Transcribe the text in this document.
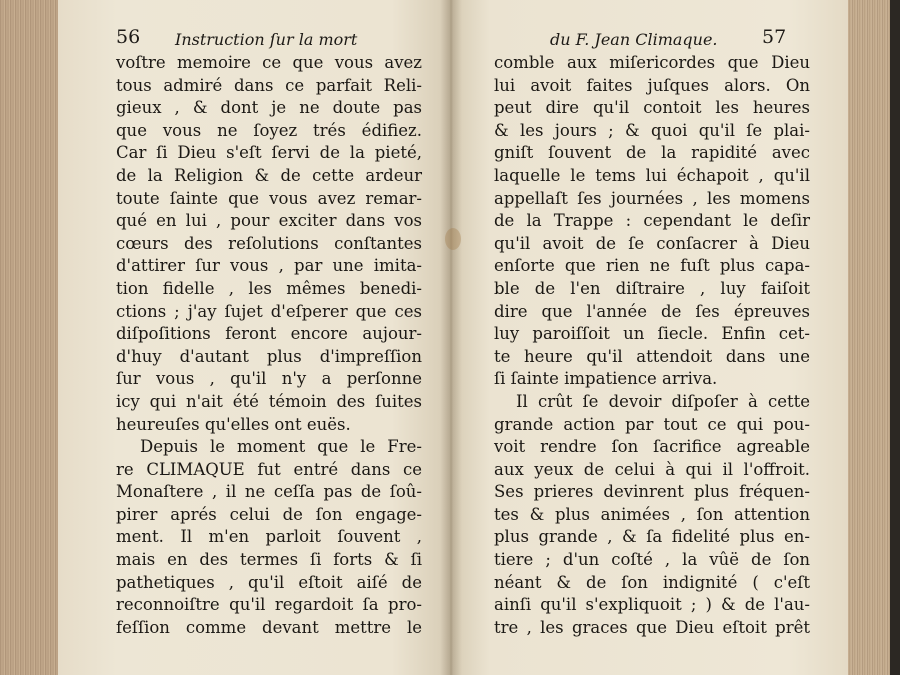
56 Instruction ſur la mort
voſtre memoire ce que vous avez
tous admiré dans ce parfait Reli-
gieux , & dont je ne doute pas
que vous ne ſoyez trés édifiez.
Car ſi Dieu s'eſt ſervi de la pieté,
de la Religion & de cette ardeur
toute ſainte que vous avez remar-
qué en lui , pour exciter dans vos
cœurs des reſolutions conſtantes
d'attirer ſur vous , par une imita-
tion fidelle , les mêmes benedi-
ctions ; j'ay ſujet d'eſperer que ces
diſpoſitions feront encore aujour-
d'huy d'autant plus d'impreſſion
ſur vous , qu'il n'y a perſonne
icy qui n'ait été témoin des ſuites
heureuſes qu'elles ont euës.
Depuis le moment que le Fre-
re CLIMAQUE fut entré dans ce
Monaſtere , il ne ceſſa pas de ſoû-
pirer aprés celui de ſon engage-
ment. Il m'en parloit ſouvent ,
mais en des termes ſi forts & ſi
pathetiques , qu'il eſtoit aiſé de
reconnoiſtre qu'il regardoit ſa pro-
feſſion comme devant mettre le
du F. Jean Climaque. 57
comble aux miſericordes que Dieu
lui avoit faites juſques alors. On
peut dire qu'il contoit les heures
& les jours ; & quoi qu'il ſe plai-
gniſt ſouvent de la rapidité avec
laquelle le tems lui échapoit , qu'il
appellaſt ſes journées , les momens
de la Trappe : cependant le deſir
qu'il avoit de ſe conſacrer à Dieu
enſorte que rien ne fuſt plus capa-
ble de l'en diſtraire , luy faiſoit
dire que l'année de ſes épreuves
luy paroiſſoit un ſiecle. Enfin cet-
te heure qu'il attendoit dans une
ſi ſainte impatience arriva.
Il crût ſe devoir diſpoſer à cette
grande action par tout ce qui pou-
voit rendre ſon ſacrifice agreable
aux yeux de celui à qui il l'offroit.
Ses prieres devinrent plus fréquen-
tes & plus animées , ſon attention
plus grande , & ſa fidelité plus en-
tiere ; d'un coſté , la vûë de ſon
néant & de ſon indignité ( c'eſt
ainſi qu'il s'expliquoit ; ) & de l'au-
tre , les graces que Dieu eſtoit prêt
